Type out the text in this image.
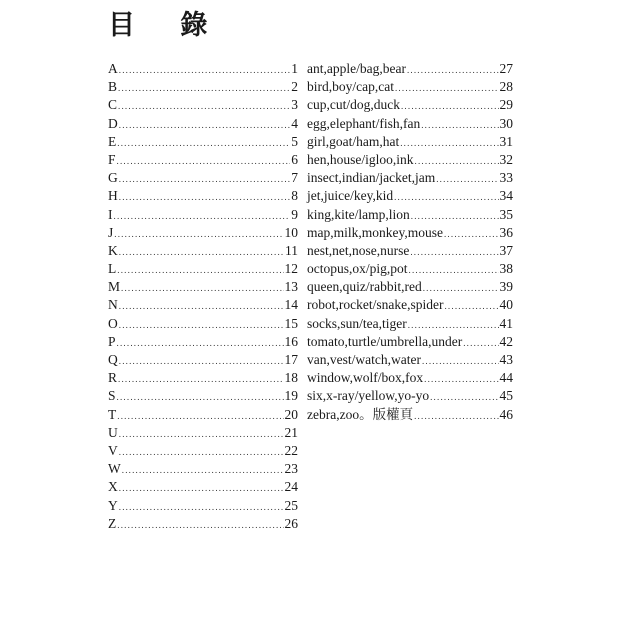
目 錄
A .....	1
B .....	2
C .....	3
D .....	4
E .....	5
F .....	6
G .....	7
H .....	8
I .....	9
J .....	10
K .....	11
L .....	12
M .....	13
N .....	14
O .....	15
P .....	16
Q .....	17
R .....	18
S .....	19
T .....	20
U .....	21
V .....	22
W .....	23
X .....	24
Y .....	25
Z .....	26
ant,apple/bag,bear .....	27
bird,boy/cap,cat .....	28
cup,cut/dog,duck .....	29
egg,elephant/fish,fan .....	30
girl,goat/ham,hat .....	31
hen,house/igloo,ink .....	32
insect,indian/jacket,jam .....	33
jet,juice/key,kid .....	34
king,kite/lamp,lion .....	35
map,milk,monkey,mouse .....	36
nest,net,nose,nurse .....	37
octopus,ox/pig,pot .....	38
queen,quiz/rabbit,red .....	39
robot,rocket/snake,spider .....	40
socks,sun/tea,tiger .....	41
tomato,turtle/umbrella,under .....	42
van,vest/watch,water .....	43
window,wolf/box,fox .....	44
six,x-ray/yellow,yo-yo .....	45
zebra,zoo。版權頁 .....	46
